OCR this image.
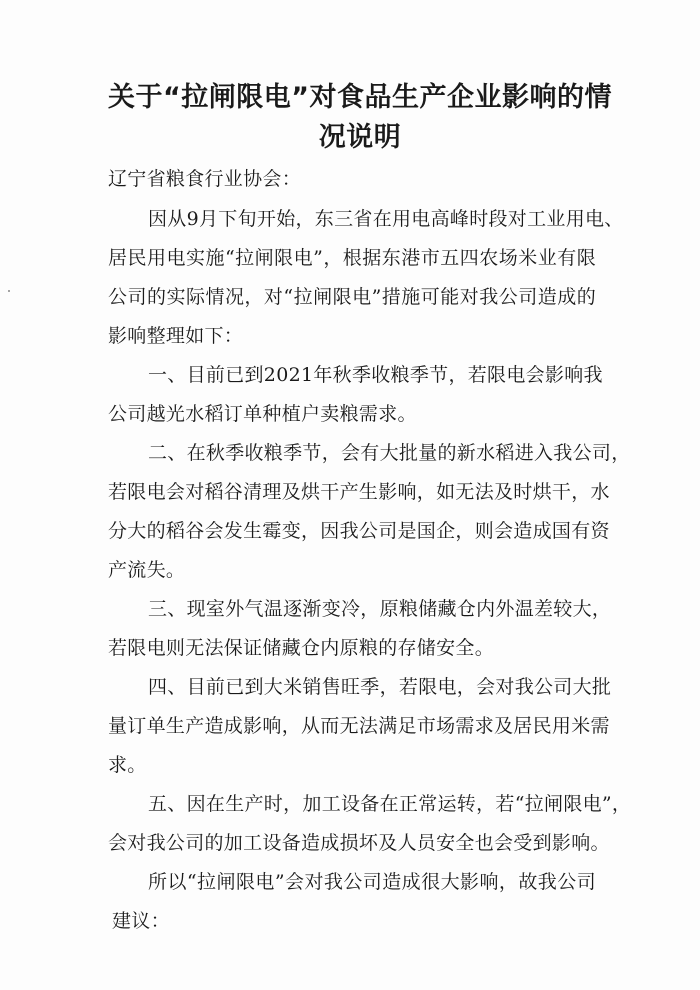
关于“拉闸限电”对食品生产企业影响的情
况说明
辽宁省粮食行业协会：
因从9月下旬开始，东三省在用电高峰时段对工业用电、
居民用电实施“拉闸限电”，根据东港市五四农场米业有限
公司的实际情况，对“拉闸限电”措施可能对我公司造成的
影响整理如下：
一、目前已到2021年秋季收粮季节，若限电会影响我
公司越光水稻订单种植户卖粮需求。
二、在秋季收粮季节，会有大批量的新水稻进入我公司，
若限电会对稻谷清理及烘干产生影响，如无法及时烘干，水
分大的稻谷会发生霉变，因我公司是国企，则会造成国有资
产流失。
三、现室外气温逐渐变冷，原粮储藏仓内外温差较大，
若限电则无法保证储藏仓内原粮的存储安全。
四、目前已到大米销售旺季，若限电，会对我公司大批
量订单生产造成影响，从而无法满足市场需求及居民用米需
求。
五、因在生产时，加工设备在正常运转，若“拉闸限电”，
会对我公司的加工设备造成损坏及人员安全也会受到影响。
所以“拉闸限电”会对我公司造成很大影响，故我公司
建议：
